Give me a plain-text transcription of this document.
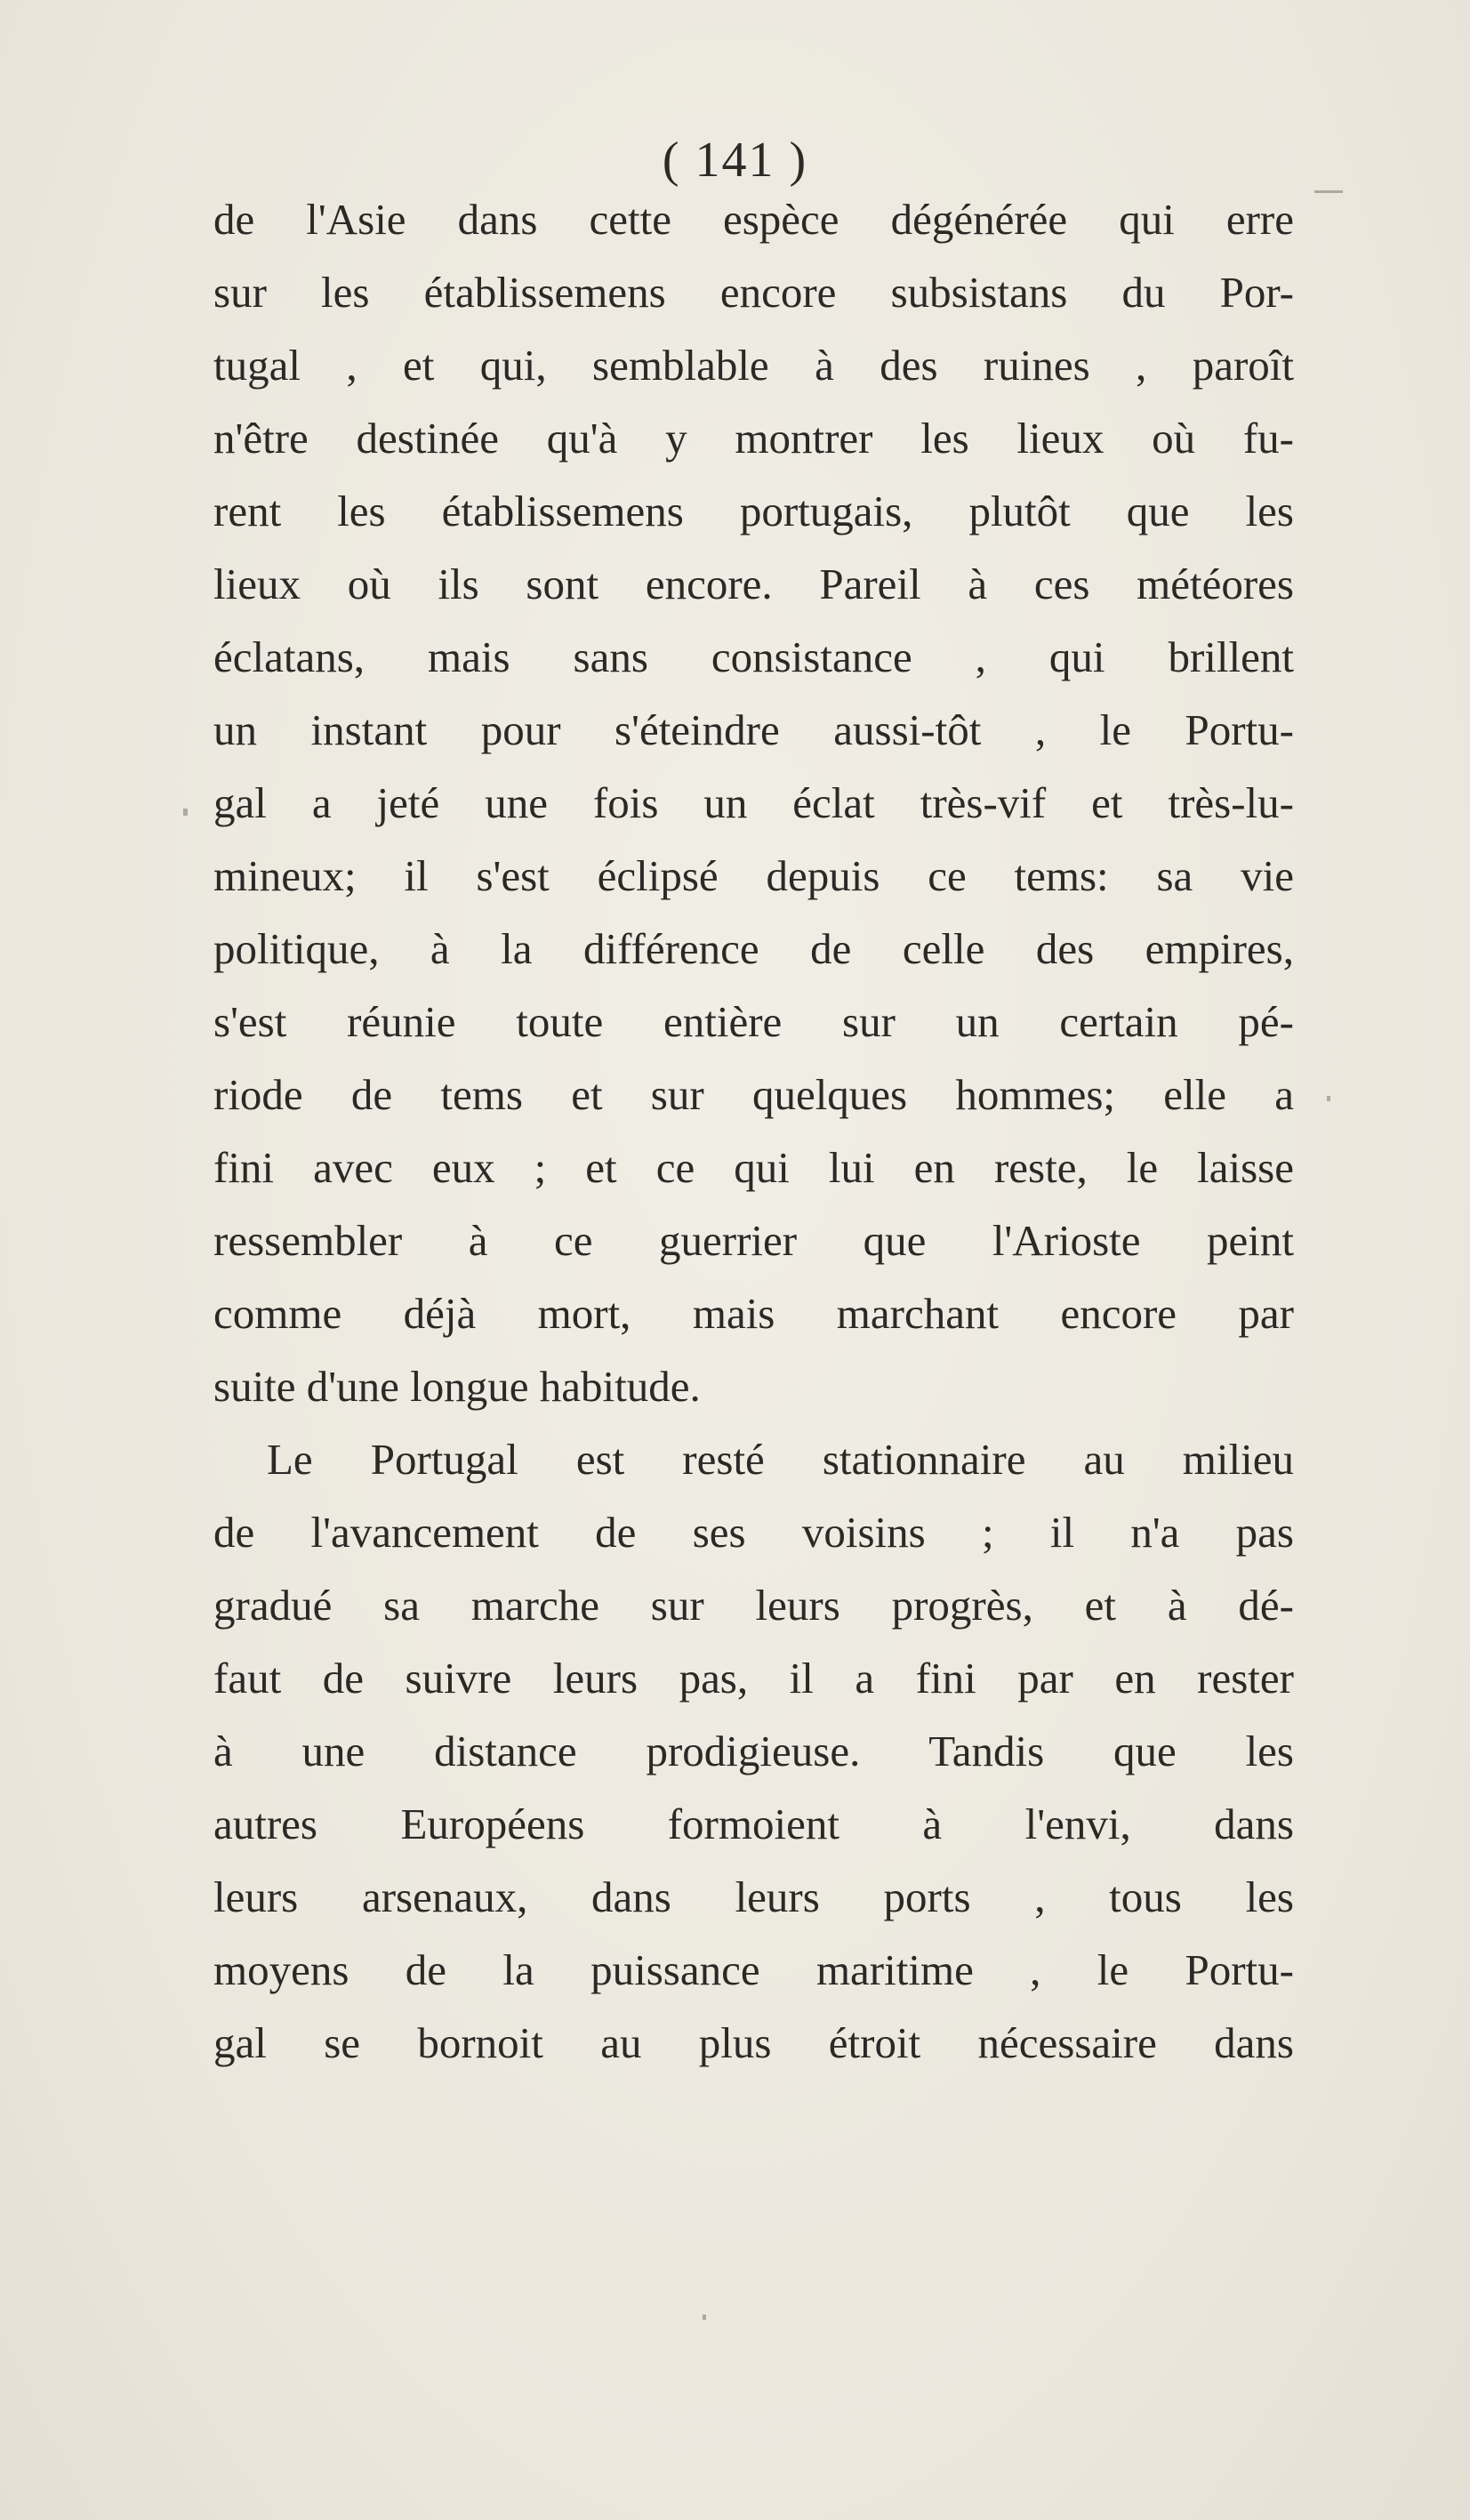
( 141 )
de l'Asie dans cette espèce dégénérée qui erre
sur les établissemens encore subsistans du Por-
tugal , et qui, semblable à des ruines , paroît
n'être destinée qu'à y montrer les lieux où fu-
rent les établissemens portugais, plutôt que les
lieux où ils sont encore. Pareil à ces météores
éclatans, mais sans consistance , qui brillent
un instant pour s'éteindre aussi-tôt , le Portu-
gal a jeté une fois un éclat très-vif et très-lu-
mineux; il s'est éclipsé depuis ce tems: sa vie
politique, à la différence de celle des empires,
s'est réunie toute entière sur un certain pé-
riode de tems et sur quelques hommes; elle a
fini avec eux ; et ce qui lui en reste, le laisse
ressembler à ce guerrier que l'Arioste peint
comme déjà mort, mais marchant encore par
suite d'une longue habitude.
Le Portugal est resté stationnaire au milieu
de l'avancement de ses voisins ; il n'a pas
gradué sa marche sur leurs progrès, et à dé-
faut de suivre leurs pas, il a fini par en rester
à une distance prodigieuse. Tandis que les
autres Européens formoient à l'envi, dans
leurs arsenaux, dans leurs ports , tous les
moyens de la puissance maritime , le Portu-
gal se bornoit au plus étroit nécessaire dans
